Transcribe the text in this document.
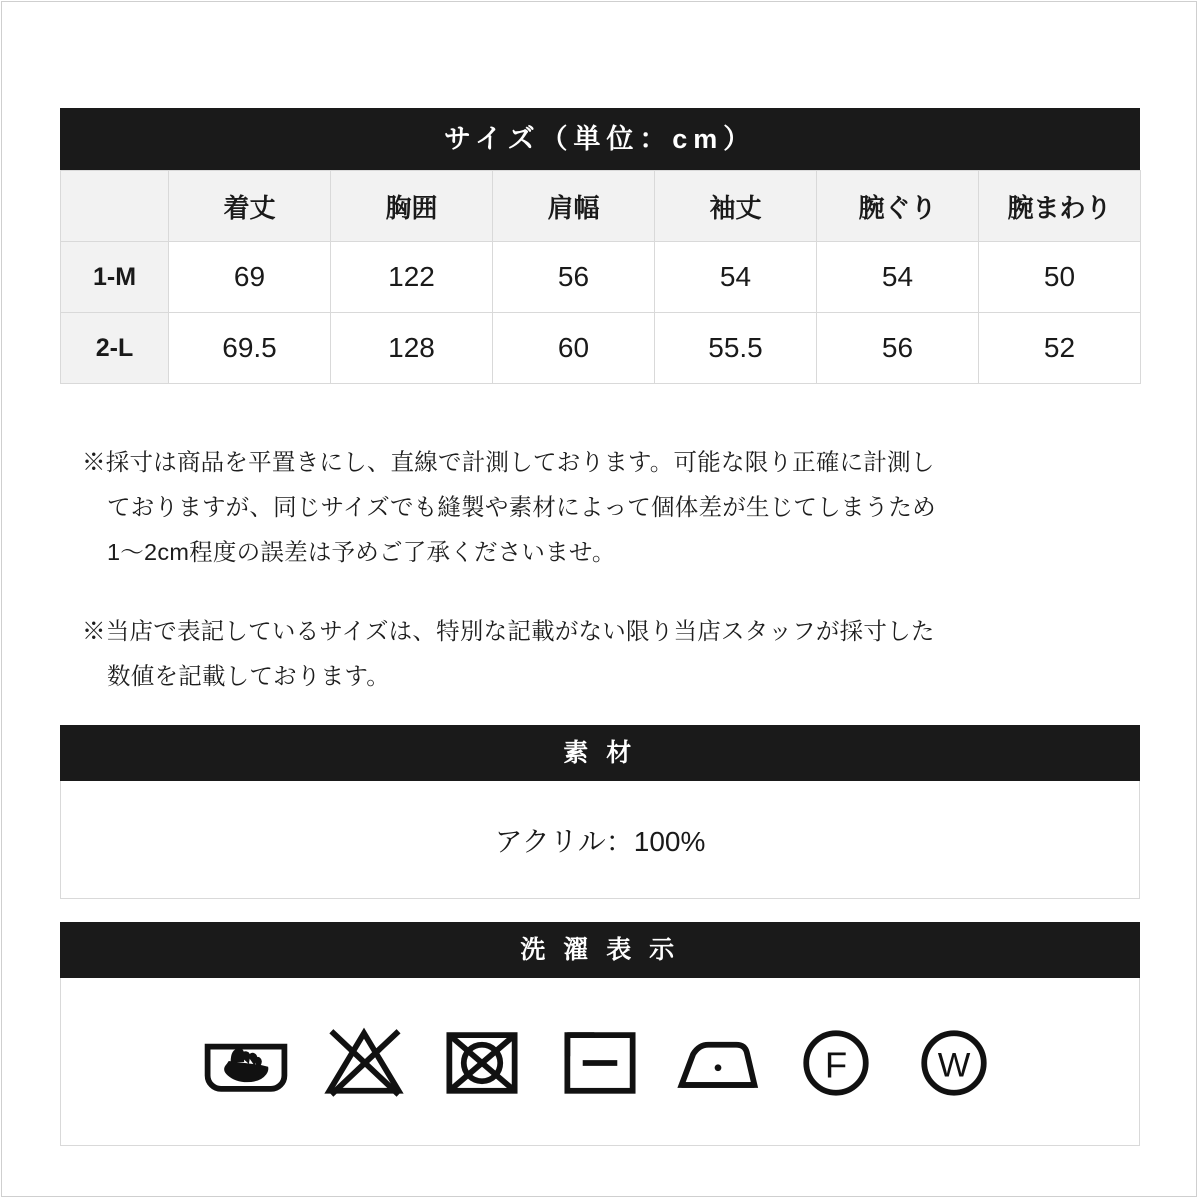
サイズ（単位：cm）
	着丈	胸囲	肩幅	袖丈	腕ぐり	腕まわり
1-M	69	122	56	54	54	50
2-L	69.5	128	60	55.5	56	52

※採寸は商品を平置きにし、直線で計測しております。可能な限り正確に計測し
ておりますが、同じサイズでも縫製や素材によって個体差が生じてしまうため
1〜2cm程度の誤差は予めご了承くださいませ。

※当店で表記しているサイズは、特別な記載がない限り当店スタッフが採寸した
数値を記載しております。

素 材
アクリル：100%
洗 濯 表 示
F	W
